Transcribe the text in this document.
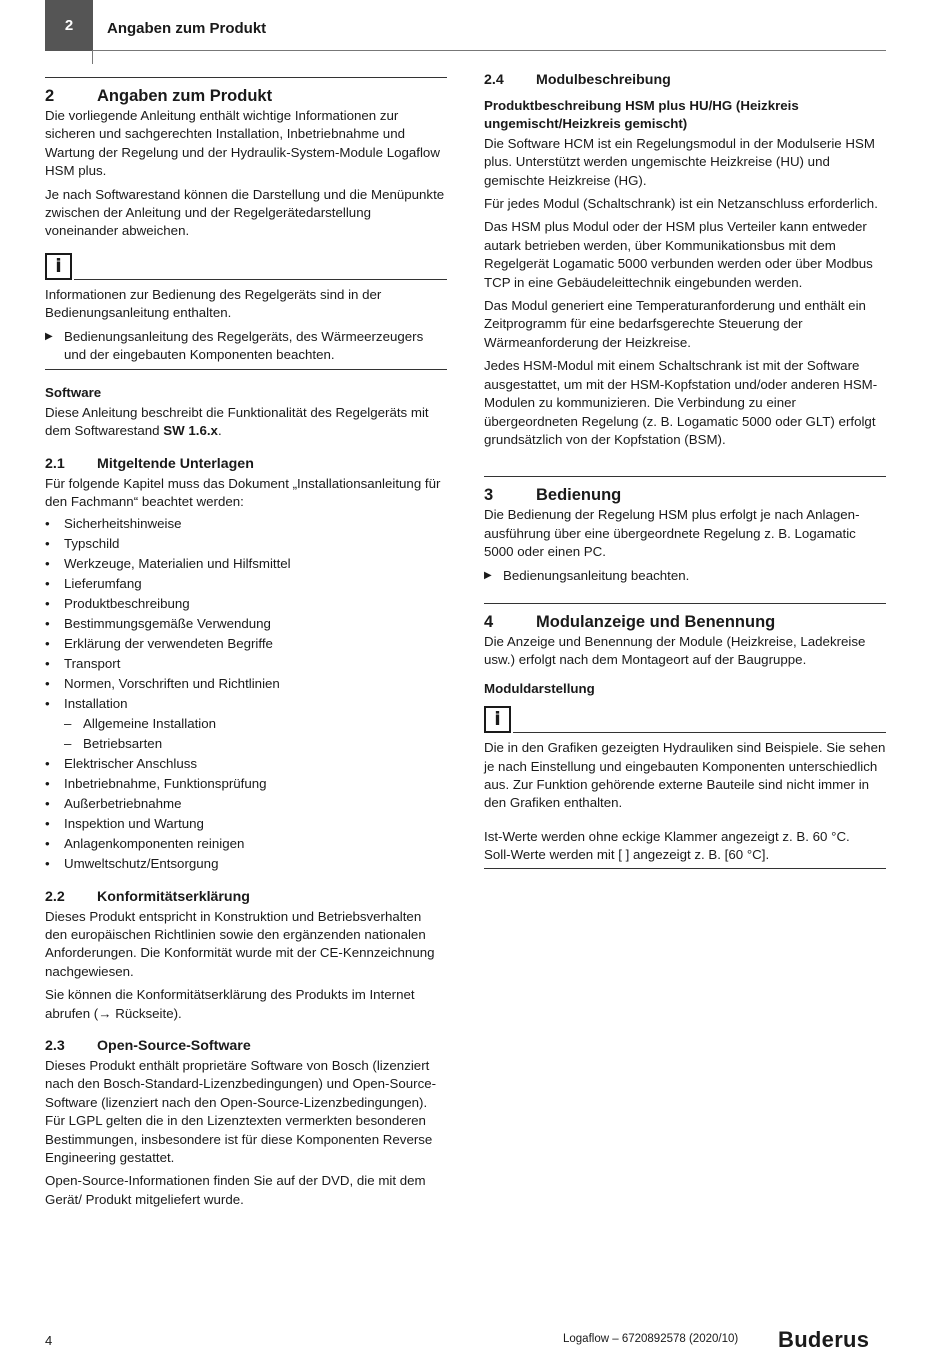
2	Angaben zum Produkt
2	Angaben zum Produkt

Die vorliegende Anleitung enthält wichtige Informationen zur sicheren und sachgerechten Installation, Inbetriebnahme und Wartung der Regelung und der Hydraulik-System-Module Logaflow HSM plus.

Je nach Softwarestand können die Darstellung und die Menüpunkte zwischen der Anleitung und der Regelgerätedarstellung voneinander abweichen.

i

Informationen zur Bedienung des Regelgeräts sind in der Bedienungsanleitung enthalten.

▶ Bedienungsanleitung des Regelgeräts, des Wärmeerzeugers und der eingebauten Komponenten beachten.
Software

Diese Anleitung beschreibt die Funktionalität des Regelgeräts mit dem Softwarestand SW 1.6.x.

2.1	Mitgeltende Unterlagen

Für folgende Kapitel muss das Dokument „Installationsanleitung für den Fachmann“ beachtet werden:

•	Sicherheitshinweise
•	Typschild
•	Werkzeuge, Materialien und Hilfsmittel
•	Lieferumfang
•	Produktbeschreibung
•	Bestimmungsgemäße Verwendung
•	Erklärung der verwendeten Begriffe
•	Transport
•	Normen, Vorschriften und Richtlinien
•	Installation
– Allgemeine Installation
– Betriebsarten
•	Elektrischer Anschluss
•	Inbetriebnahme, Funktionsprüfung
•	Außerbetriebnahme
•	Inspektion und Wartung
•	Anlagenkomponenten reinigen
•	Umweltschutz/Entsorgung
2.2	Konformitätserklärung

Dieses Produkt entspricht in Konstruktion und Betriebsverhalten den europäischen Richtlinien sowie den ergänzenden nationalen Anforderungen. Die Konformität wurde mit der CE-Kennzeichnung nachgewiesen.

Sie können die Konformitätserklärung des Produkts im Internet abrufen (→ Rückseite).

2.3	Open-Source-Software

Dieses Produkt enthält proprietäre Software von Bosch (lizenziert nach den Bosch-Standard-Lizenzbedingungen) und Open-Source-Software (lizenziert nach den Open-Source-Lizenzbedingungen). Für LGPL gelten die in den Lizenztexten vermerkten besonderen Bestimmungen, insbesondere ist für diese Komponenten Reverse Engineering gestattet.

Open-Source-Informationen finden Sie auf der DVD, die mit dem Gerät/ Produkt mitgeliefert wurde.

2.4	Modulbeschreibung
Produktbeschreibung HSM plus HU/HG (Heizkreis ungemischt/Heizkreis gemischt)

Die Software HCM ist ein Regelungsmodul in der Modulserie HSM plus. Unterstützt werden ungemischte Heizkreise (HU) und gemischte Heizkreise (HG).

Für jedes Modul (Schaltschrank) ist ein Netzanschluss erforderlich.

Das HSM plus Modul oder der HSM plus Verteiler kann entweder autark betrieben werden, über Kommunikationsbus mit dem Regelgerät Logamatic 5000 verbunden werden oder über Modbus TCP in eine Gebäudeleittechnik eingebunden werden.

Das Modul generiert eine Temperaturanforderung und enthält ein Zeitprogramm für eine bedarfsgerechte Steuerung der Wärmeanforderung der Heizkreise.

Jedes HSM-Modul mit einem Schaltschrank ist mit der Software ausgestattet, um mit der HSM-Kopfstation und/oder anderen HSM-Modulen zu kommunizieren. Die Verbindung zu einer übergeordneten Regelung (z. B. Logamatic 5000 oder GLT) erfolgt grundsätzlich von der Kopfstation (BSM).

3	Bedienung

Die Bedienung der Regelung HSM plus erfolgt je nach Anlagenausführung über eine übergeordnete Regelung z. B. Logamatic 5000 oder einen PC.

▶ Bedienungsanleitung beachten.
4	Modulanzeige und Benennung

Die Anzeige und Benennung der Module (Heizkreise, Ladekreise usw.) erfolgt nach dem Montageort auf der Baugruppe.

Moduldarstellung
i

Die in den Grafiken gezeigten Hydrauliken sind Beispiele. Sie sehen je nach Einstellung und eingebauten Komponenten unterschiedlich aus. Zur Funktion gehörende externe Bauteile sind nicht immer in den Grafiken enthalten.

Ist-Werte werden ohne eckige Klammer angezeigt z. B. 60 °C.
Soll-Werte werden mit [ ] angezeigt z. B. [60 °C].
4	Logaflow – 6720892578 (2020/10) Buderus
